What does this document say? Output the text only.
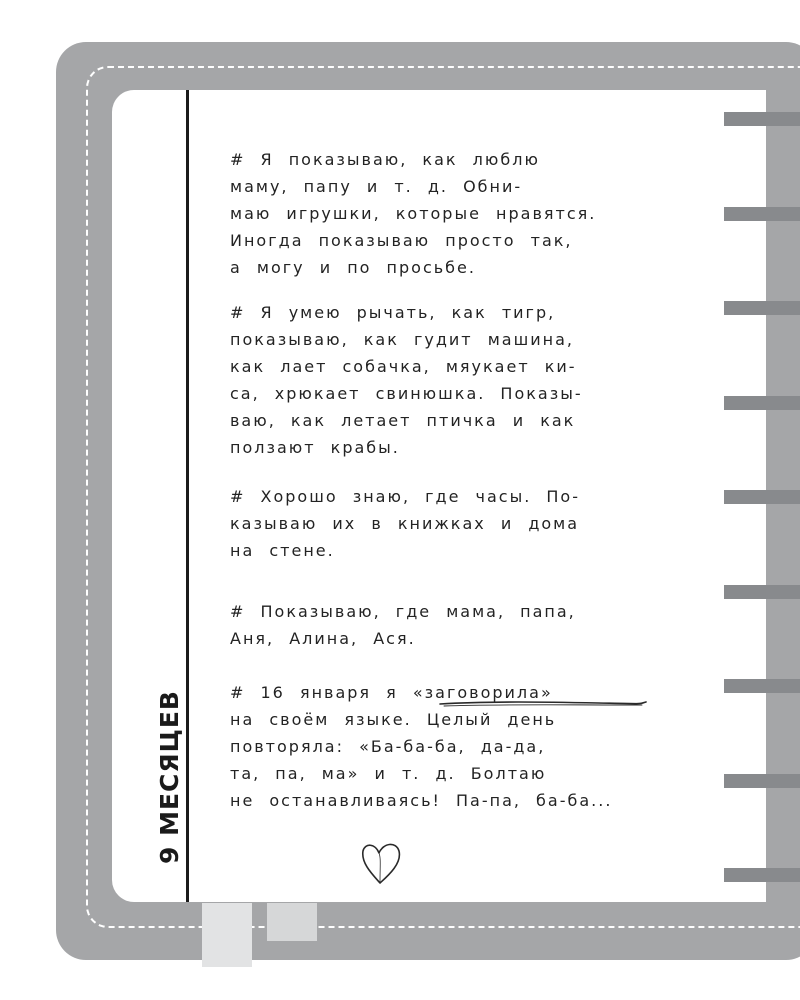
9 МЕСЯЦЕВ
# Я показываю, как люблю
маму, папу и т. д. Обни-
маю игрушки, которые нравятся.
Иногда показываю просто так,
а могу и по просьбе.
# Я умею рычать, как тигр,
показываю, как гудит машина,
как лает собачка, мяукает ки-
са, хрюкает свинюшка. Показы-
ваю, как летает птичка и как
ползают крабы.
# Хорошо знаю, где часы. По-
казываю их в книжках и дома
на стене.
# Показываю, где мама, папа,
Аня, Алина, Ася.
# 16 января я «заговорила»
на своём языке. Целый день
повторяла: «Ба-ба-ба, да-да,
та, па, ма» и т. д. Болтаю
не останавливаясь! Па-па, ба-ба...
